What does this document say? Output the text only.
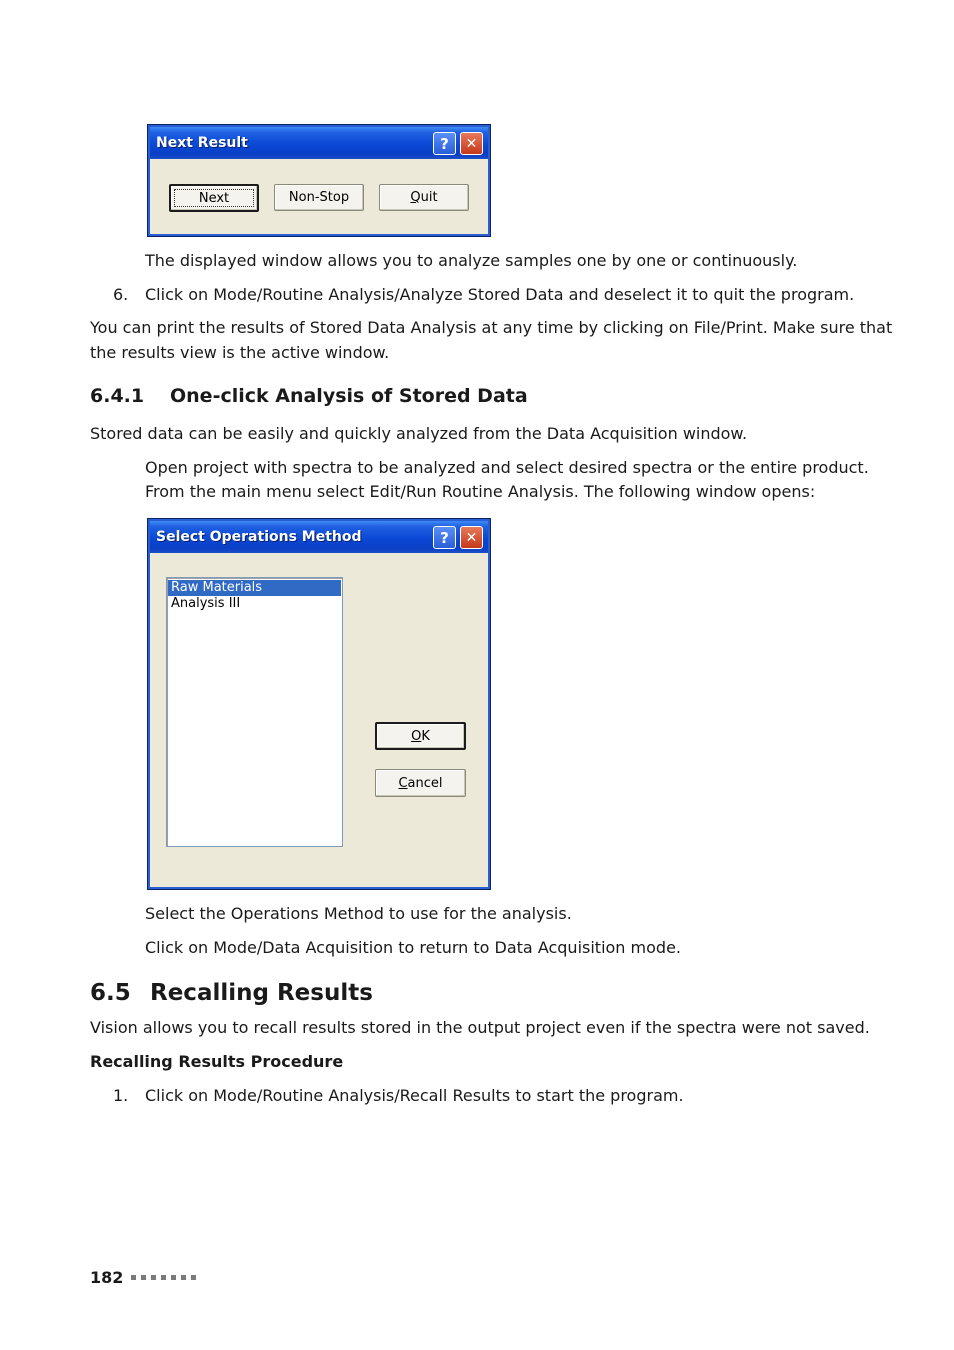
Next Result	? ✕
Next	Non-Stop	Q uit
The displayed window allows you to analyze samples one by one or continuously.
6. Click on Mode/Routine Analysis/Analyze Stored Data and deselect it to quit the program.
You can print the results of Stored Data Analysis at any time by clicking on File/Print. Make sure that
the results view is the active window.
6.4.1 One-click Analysis of Stored Data
Stored data can be easily and quickly analyzed from the Data Acquisition window.
Open project with spectra to be analyzed and select desired spectra or the entire product.
From the main menu select Edit/Run Routine Analysis. The following window opens:
Select Operations Method	? ✕
Raw Materials
Analysis III
O K
C ancel
Select the Operations Method to use for the analysis.
Click on Mode/Data Acquisition to return to Data Acquisition mode.
6.5 Recalling Results
Vision allows you to recall results stored in the output project even if the spectra were not saved.
Recalling Results Procedure
1. Click on Mode/Routine Analysis/Recall Results to start the program.
182
